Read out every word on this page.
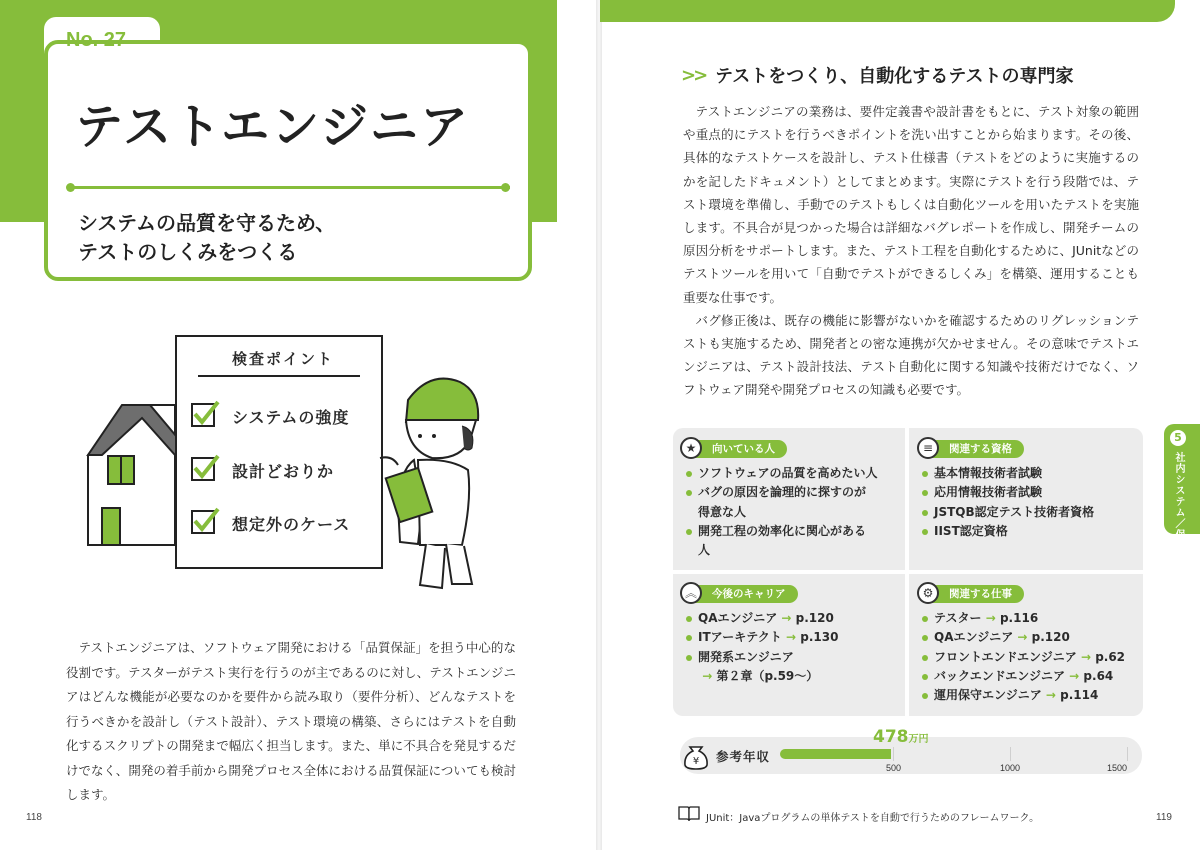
No. 27
テストエンジニア
システムの品質を守るため、
テストのしくみをつくる
検査ポイント
システムの強度
設計どおりか
想定外のケース
テストエンジニアは、ソフトウェア開発における「品質保証」を担う中心的な役割です。テスターがテスト実行を行うのが主であるのに対し、テストエンジニアはどんな機能が必要なのかを要件から読み取り（要件分析）、どんなテストを行うべきかを設計し（テスト設計）、テスト環境の構築、さらにはテストを自動化するスクリプトの開発まで幅広く担当します。また、単に不具合を発見するだけでなく、開発の着手前から開発プロセス全体における品質保証についても検討します。
118
>> テストをつくり、自動化するテストの専門家

テストエンジニアの業務は、要件定義書や設計書をもとに、テスト対象の範囲や重点的にテストを行うべきポイントを洗い出すことから始まります。その後、具体的なテストケースを設計し、テスト仕様書（テストをどのように実施するのかを記したドキュメント）としてまとめます。実際にテストを行う段階では、テスト環境を準備し、手動でのテストもしくは自動化ツールを用いたテストを実施します。不具合が見つかった場合は詳細なバグレポートを作成し、開発チームの原因分析をサポートします。また、テスト工程を自動化するために、JUnitなどのテストツールを用いて「自動でテストができるしくみ」を構築、運用することも重要な仕事です。

バグ修正後は、既存の機能に影響がないかを確認するためのリグレッションテストも実施するため、開発者との密な連携が欠かせません。その意味でテストエンジニアは、テスト設計技法、テスト自動化に関する知識や技術だけでなく、ソフトウェア開発や開発プロセスの知識も必要です。

5
社内システム／保守系
向いている人
★
ソフトウェアの品質を高めたい人
バグの原因を論理的に探すのが
得意な人
開発工程の効率化に関心がある
人
関連する資格
≡
基本情報技術者試験
応用情報技術者試験
JSTQB認定テスト技術者資格
IIST認定資格
今後のキャリア
︽
QAエンジニア → p.120
ITアーキテクト → p.130
開発系エンジニア
→ 第２章（p.59～）
関連する仕事
⚙
テスター → p.116
QAエンジニア → p.120
フロントエンドエンジニア → p.62
バックエンドエンジニア → p.64
運用保守エンジニア → p.114
¥ 参考年収
478万円
500	1000	1500
JUnit：Javaプログラムの単体テストを自動で行うためのフレームワーク。	119
